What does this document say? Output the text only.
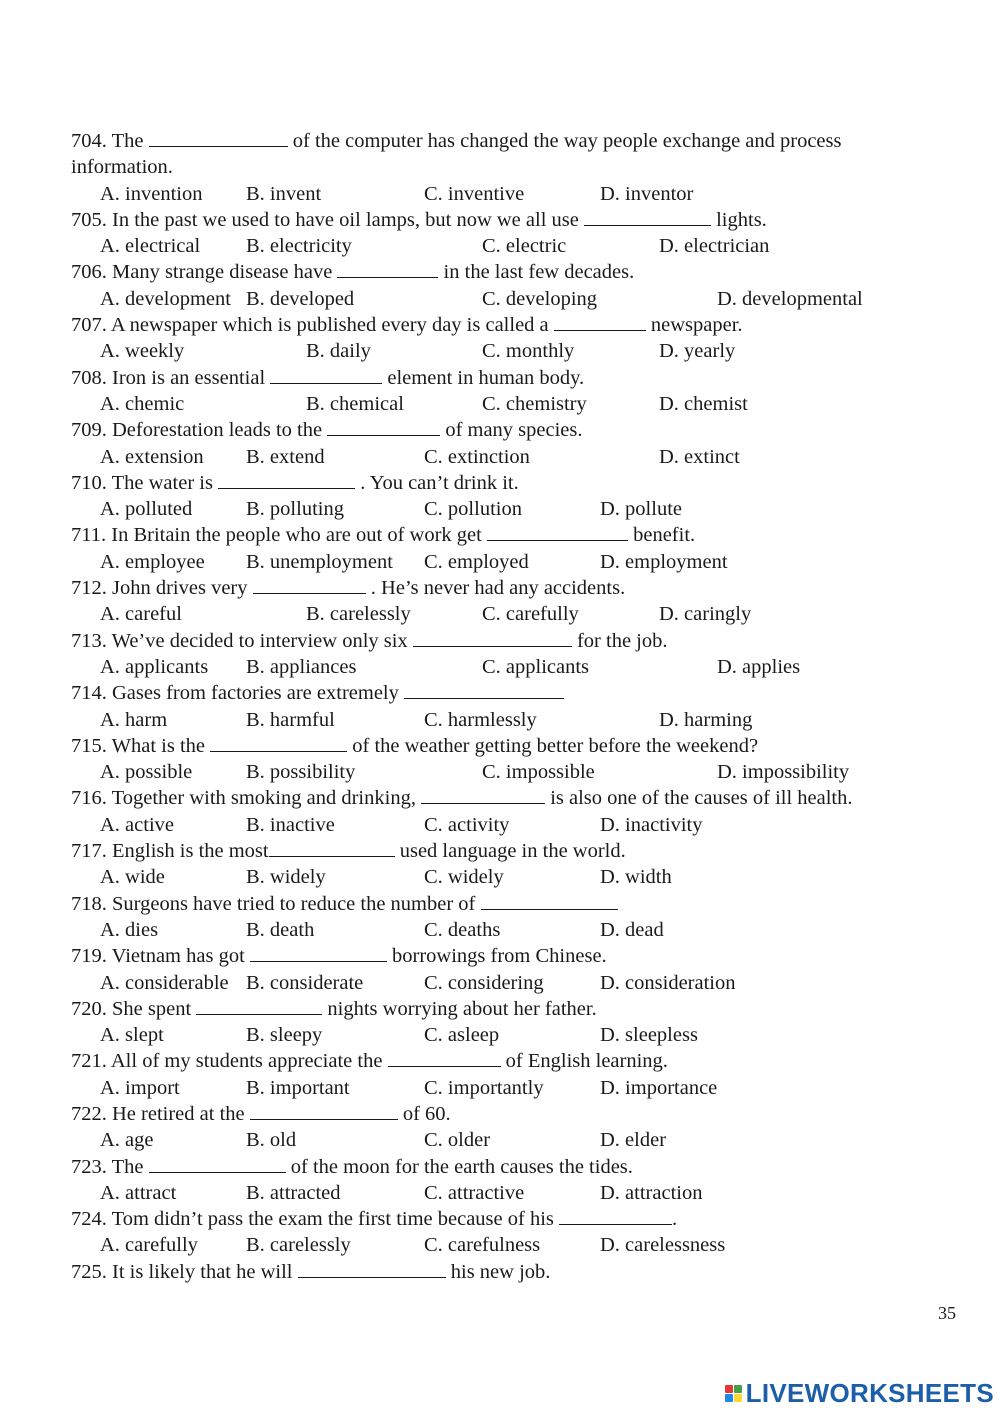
704. The	of the computer has changed the way people exchange and process
information.
A. invention B. invent	C. inventive	D. inventor
705. In the past we used to have oil lamps, but now we all use	lights.
A. electrical B. electricity	C. electric	D. electrician
706. Many strange disease have	in the last few decades.
A. development B. developed	C. developing	D. developmental
707. A newspaper which is published every day is called a	newspaper.
A. weekly	B. daily	C. monthly	D. yearly
708. Iron is an essential	element in human body.
A. chemic	B. chemical	C. chemistry	D. chemist
709. Deforestation leads to the	of many species.
A. extension B. extend	C. extinction	D. extinct
710. The water is	. You can’t drink it.
A. polluted	B. polluting	C. pollution	D. pollute
711. In Britain the people who are out of work get	benefit.
A. employee B. unemployment C. employed	D. employment
712. John drives very	. He’s never had any accidents.
A. careful	B. carelessly	C. carefully	D. caringly
713. We’ve decided to interview only six	for the job.
A. applicants B. appliances	C. applicants	D. applies
714. Gases from factories are extremely
A. harm	B. harmful	C. harmlessly	D. harming
715. What is the	of the weather getting better before the weekend?
A. possible	B. possibility	C. impossible	D. impossibility
716. Together with smoking and drinking,	is also one of the causes of ill health.
A. active	B. inactive	C. activity	D. inactivity
717. English is the most	used language in the world.
A. wide	B. widely	C. widely	D. width
718. Surgeons have tried to reduce the number of
A. dies	B. death	C. deaths	D. dead
719. Vietnam has got	borrowings from Chinese.
A. considerable B. considerate	C. considering	D. consideration
720. She spent	nights worrying about her father.
A. slept	B. sleepy	C. asleep	D. sleepless
721. All of my students appreciate the	of English learning.
A. import	B. important	C. importantly	D. importance
722. He retired at the	of 60.
A. age	B. old	C. older	D. elder
723. The	of the moon for the earth causes the tides.
A. attract	B. attracted	C. attractive	D. attraction
724. Tom didn’t pass the exam the first time because of his	.
A. carefully B. carelessly	C. carefulness	D. carelessness
725. It is likely that he will	his new job.
35
LIVEWORKSHEETS
